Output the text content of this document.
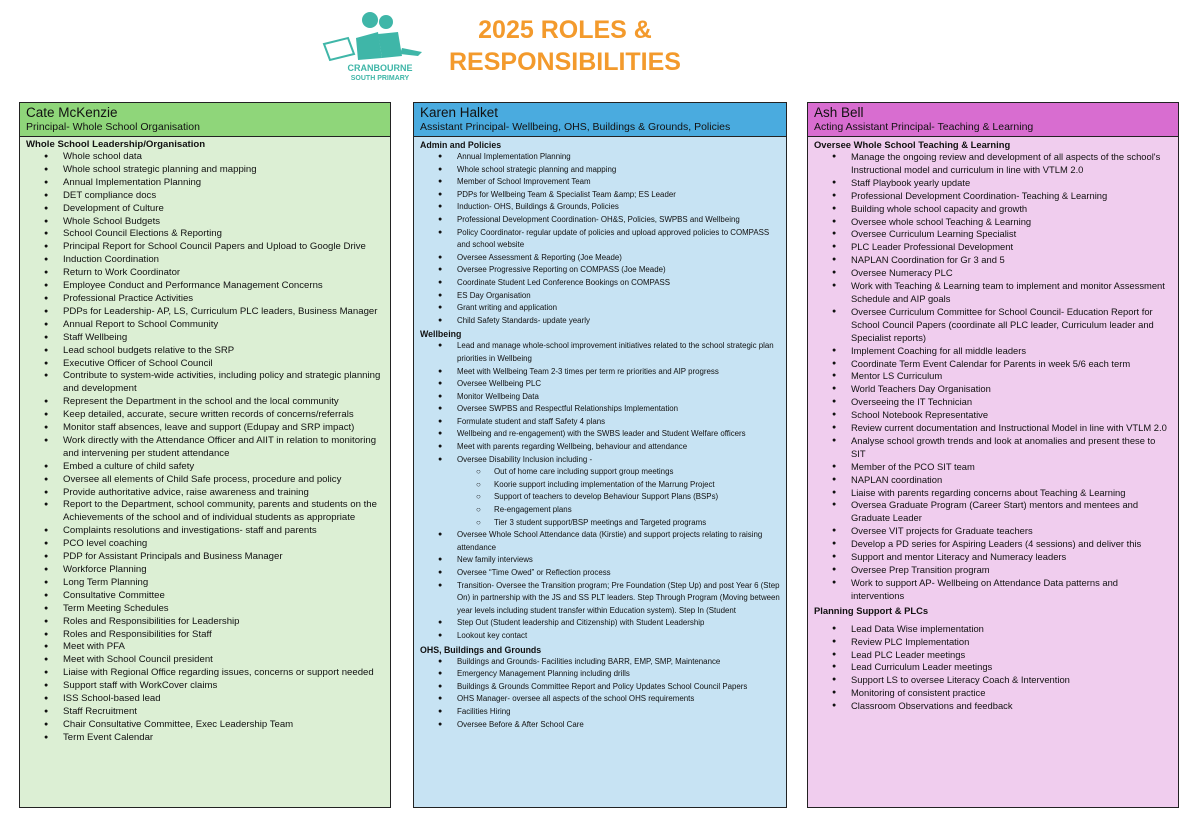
CRANBOURNE
SOUTH PRIMARY
2025 ROLES &
RESPONSIBILITIES
Cate McKenzie
Principal- Whole School Organisation
Whole School Leadership/Organisation
● Whole school data
● Whole school strategic planning and mapping
● Annual Implementation Planning
● DET compliance docs
● Development of Culture
● Whole School Budgets
● School Council Elections & Reporting
● Principal Report for School Council Papers and Upload to Google Drive
● Induction Coordination
● Return to Work Coordinator
● Employee Conduct and Performance Management Concerns
● Professional Practice Activities
● PDPs for Leadership- AP, LS, Curriculum PLC leaders, Business Manager
● Annual Report to School Community
● Staff Wellbeing
● Lead school budgets relative to the SRP
● Executive Officer of School Council
● Contribute to system-wide activities, including policy and strategic planning and development
● Represent the Department in the school and the local community
● Keep detailed, accurate, secure written records of concerns/referrals
● Monitor staff absences, leave and support (Edupay and SRP impact)
● Work directly with the Attendance Officer and AIIT in relation to monitoring and intervening per student attendance
● Embed a culture of child safety
● Oversee all elements of Child Safe process, procedure and policy
● Provide authoritative advice, raise awareness and training
● Report to the Department, school community, parents and students on the Achievements of the school and of individual students as appropriate
● Complaints resolutions and investigations- staff and parents
● PCO level coaching
● PDP for Assistant Principals and Business Manager
● Workforce Planning
● Long Term Planning
● Consultative Committee
● Term Meeting Schedules
● Roles and Responsibilities for Leadership
● Roles and Responsibilities for Staff
● Meet with PFA
● Meet with School Council president
● Liaise with Regional Office regarding issues, concerns or support needed
● Support staff with WorkCover claims
● ISS School-based lead
● Staff Recruitment
● Chair Consultative Committee, Exec Leadership Team
● Term Event Calendar
Karen Halket
Assistant Principal- Wellbeing, OHS, Buildings & Grounds, Policies
Admin and Policies
● Annual Implementation Planning
● Whole school strategic planning and mapping
● Member of School Improvement Team
● PDPs for Wellbeing Team & Specialist Team &amp; ES Leader
● Induction- OHS, Buildings & Grounds, Policies
● Professional Development Coordination- OH&S, Policies, SWPBS and Wellbeing
● Policy Coordinator- regular update of policies and upload approved policies to COMPASS and school website
● Oversee Assessment & Reporting (Joe Meade)
● Oversee Progressive Reporting on COMPASS (Joe Meade)
● Coordinate Student Led Conference Bookings on COMPASS
● ES Day Organisation
● Grant writing and application
● Child Safety Standards- update yearly
Wellbeing
● Lead and manage whole-school improvement initiatives related to the school strategic plan priorities in Wellbeing
● Meet with Wellbeing Team 2-3 times per term re priorities and AIP progress
● Oversee Wellbeing PLC
● Monitor Wellbeing Data
● Oversee SWPBS and Respectful Relationships Implementation
● Formulate student and staff Safety 4 plans
● Wellbeing and re-engagement) with the SWBS leader and Student Welfare officers
● Meet with parents regarding Wellbeing, behaviour and attendance
● Oversee Disability Inclusion including -
○ Out of home care including support group meetings
○ Koorie support including implementation of the Marrung Project
○ Support of teachers to develop Behaviour Support Plans (BSPs)
○ Re-engagement plans
○ Tier 3 student support/BSP meetings and Targeted programs
● Oversee Whole School Attendance data (Kirstie) and support projects relating to raising attendance
● New family interviews
● Oversee “Time Owed” or Reflection process
● Transition- Oversee the Transition program; Pre Foundation (Step Up) and post Year 6 (Step On) in partnership with the JS and SS PLT leaders. Step Through Program (Moving between year levels including student transfer within Education system). Step In (Student
● Step Out (Student leadership and Citizenship) with Student Leadership
● Lookout key contact
OHS, Buildings and Grounds
● Buildings and Grounds- Facilities including BARR, EMP, SMP, Maintenance
● Emergency Management Planning including drills
● Buildings & Grounds Committee Report and Policy Updates School Council Papers
● OHS Manager- oversee all aspects of the school OHS requirements
● Facilities Hiring
● Oversee Before & After School Care
Ash Bell
Acting Assistant Principal- Teaching & Learning
Oversee Whole School Teaching & Learning
● Manage the ongoing review and development of all aspects of the school's Instructional model and curriculum in line with VTLM 2.0
● Staff Playbook yearly update
● Professional Development Coordination- Teaching & Learning
● Building whole school capacity and growth
● Oversee whole school Teaching & Learning
● Oversee Curriculum Learning Specialist
● PLC Leader Professional Development
● NAPLAN Coordination for Gr 3 and 5
● Oversee Numeracy PLC
● Work with Teaching & Learning team to implement and monitor Assessment Schedule and AIP goals
● Oversee Curriculum Committee for School Council- Education Report for School Council Papers (coordinate all PLC leader, Curriculum leader and Specialist reports)
● Implement Coaching for all middle leaders
● Coordinate Term Event Calendar for Parents in week 5/6 each term
● Mentor LS Curriculum
● World Teachers Day Organisation
● Overseeing the IT Technician
● School Notebook Representative
● Review current documentation and Instructional Model in line with VTLM 2.0
● Analyse school growth trends and look at anomalies and present these to SIT
● Member of the PCO SIT team
● NAPLAN coordination
● Liaise with parents regarding concerns about Teaching & Learning
● Oversea Graduate Program (Career Start) mentors and mentees and Graduate Leader
● Oversee VIT projects for Graduate teachers
● Develop a PD series for Aspiring Leaders (4 sessions) and deliver this
● Support and mentor Literacy and Numeracy leaders
● Oversee Prep Transition program
● Work to support AP- Wellbeing on Attendance Data patterns and interventions
Planning Support & PLCs
● Lead Data Wise implementation
● Review PLC Implementation
● Lead PLC Leader meetings
● Lead Curriculum Leader meetings
● Support LS to oversee Literacy Coach & Intervention
● Monitoring of consistent practice
● Classroom Observations and feedback
